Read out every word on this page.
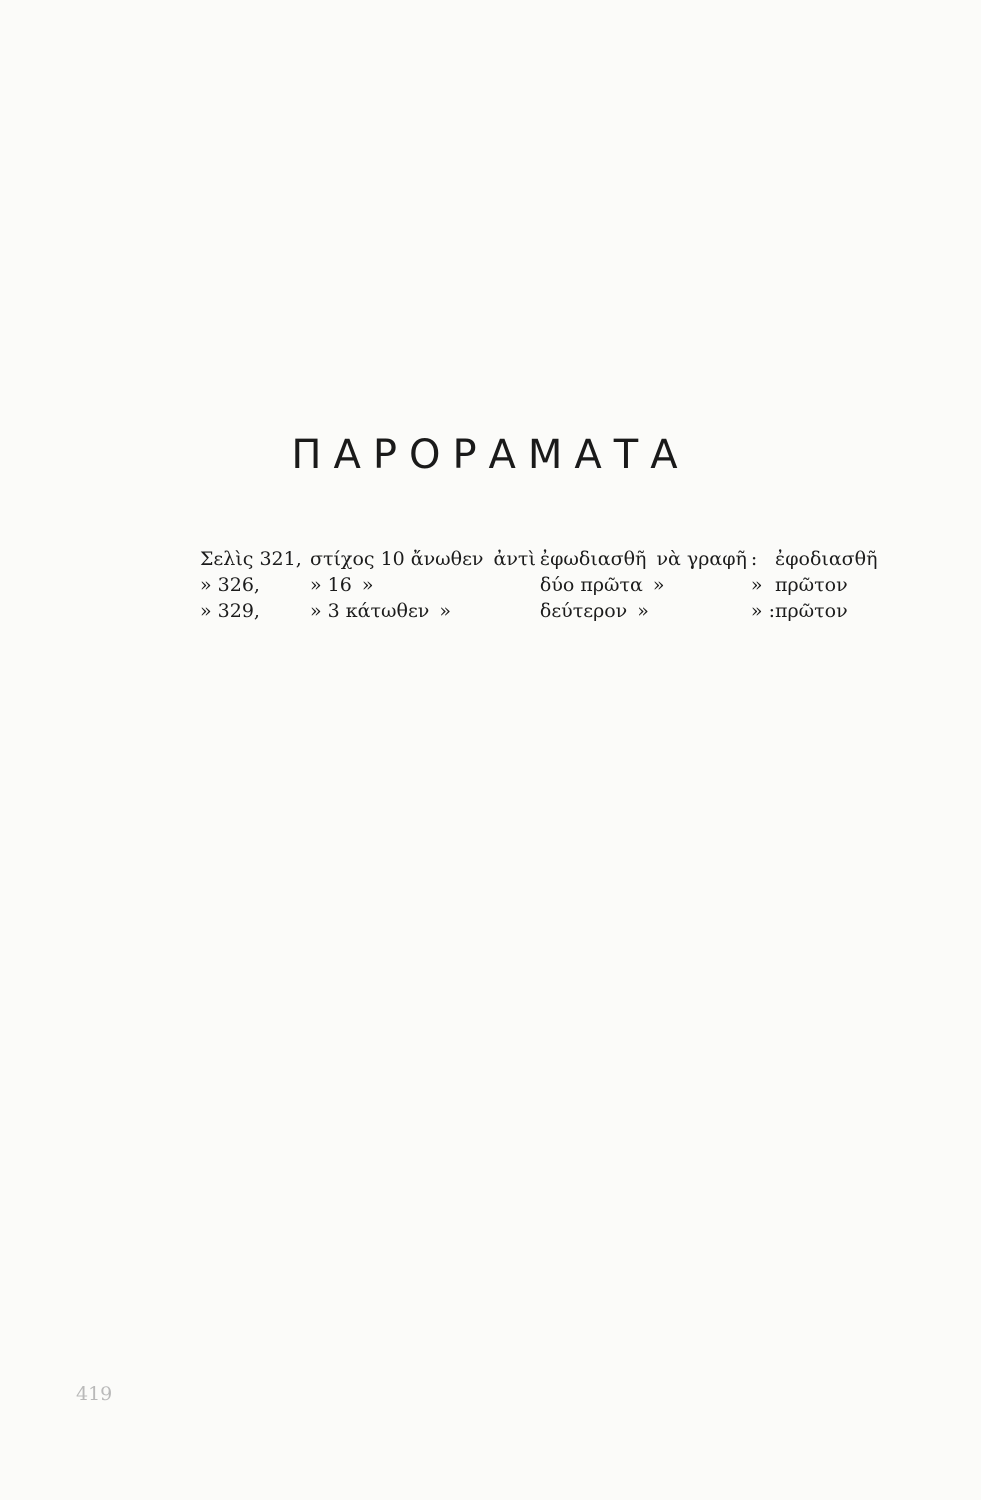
ΠΑΡΟΡΑΜΑΤΑ
Σελὶς 321,	στίχος 10 ἄνωθεν ἀντὶ	ἐφωδιασθῆ νὰ γραφῆ	:	ἐφοδιασθῆ
» 326,	» 16 »	δύο πρῶτα »	»	πρῶτον
» 329,	» 3 κάτωθεν »	δεύτερον »	» :	πρῶτον
419
